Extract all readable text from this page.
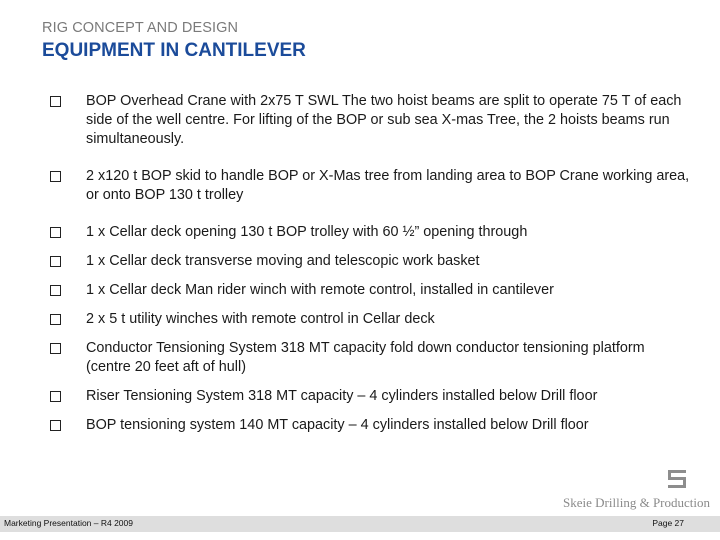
RIG CONCEPT AND DESIGN
EQUIPMENT IN CANTILEVER
BOP Overhead Crane with 2x75 T SWL The two hoist beams are split to operate 75 T of each side of the well centre. For lifting of the BOP or sub sea X-mas Tree, the 2 hoists beams run simultaneously.
2 x120 t BOP skid to handle BOP or X-Mas tree from landing area to BOP Crane working area, or onto BOP 130 t trolley
1 x Cellar deck opening 130 t BOP trolley with 60 ½” opening through
1 x Cellar deck transverse moving and telescopic work basket
1 x Cellar deck Man rider winch with remote control, installed in cantilever
2 x 5 t utility winches with remote control in Cellar deck
Conductor Tensioning System 318 MT capacity fold down conductor tensioning platform (centre 20 feet aft of hull)
Riser Tensioning System 318 MT capacity – 4 cylinders installed below Drill floor
BOP tensioning system 140 MT capacity – 4 cylinders installed below Drill floor
Skeie Drilling & Production
Marketing Presentation – R4 2009	Page 27
